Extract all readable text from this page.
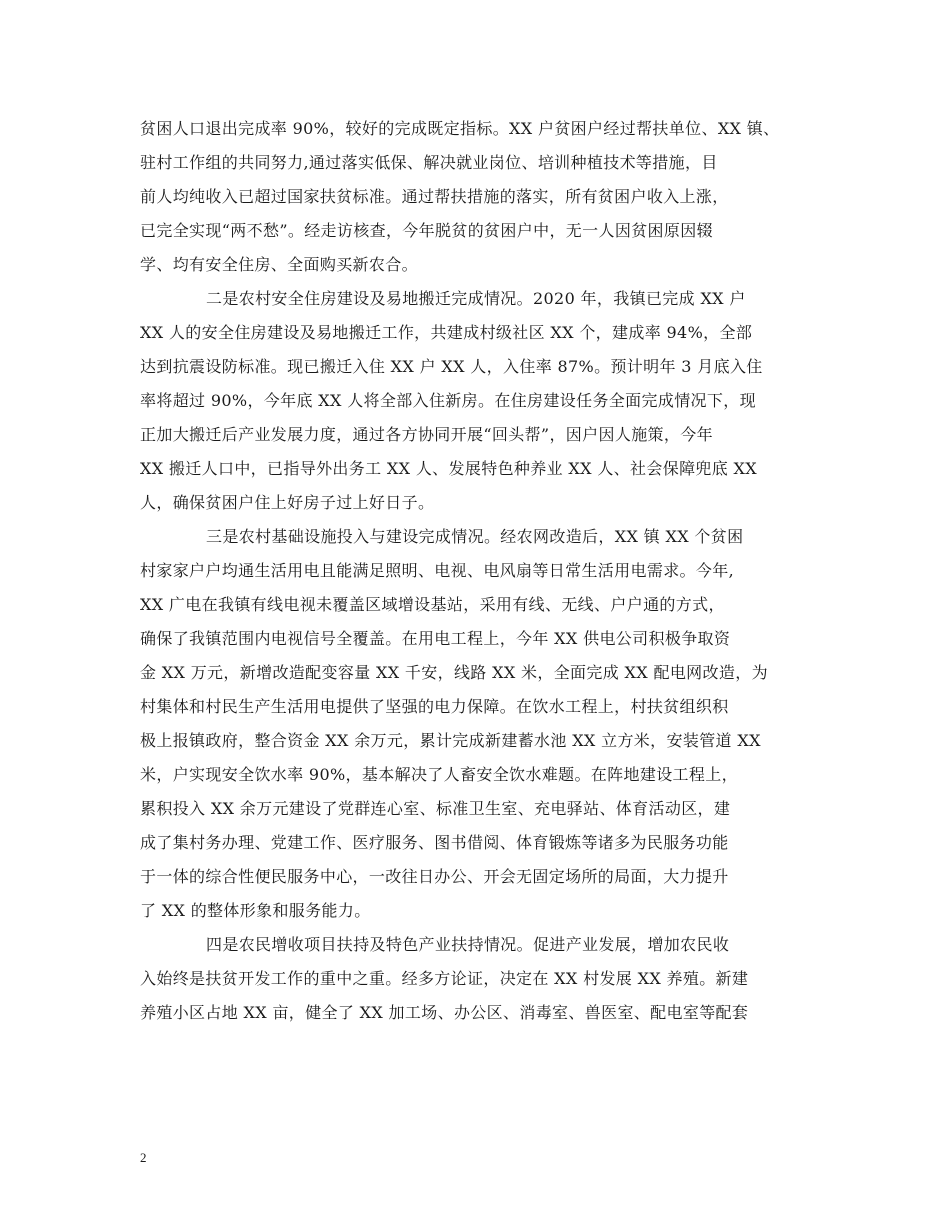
贫困人口退出完成率 90%，较好的完成既定指标。XX 户贫困户经过帮扶单位、XX 镇、
驻村工作组的共同努力,通过落实低保、解决就业岗位、培训种植技术等措施，目
前人均纯收入已超过国家扶贫标准。通过帮扶措施的落实，所有贫困户收入上涨，
已完全实现“两不愁”。经走访核查，今年脱贫的贫困户中，无一人因贫困原因辍
学、均有安全住房、全面购买新农合。
二是农村安全住房建设及易地搬迁完成情况。2020 年，我镇已完成 XX 户
XX 人的安全住房建设及易地搬迁工作，共建成村级社区 XX 个，建成率 94%，全部
达到抗震设防标准。现已搬迁入住 XX 户 XX 人，入住率 87%。预计明年 3 月底入住
率将超过 90%，今年底 XX 人将全部入住新房。在住房建设任务全面完成情况下，现
正加大搬迁后产业发展力度，通过各方协同开展“回头帮”，因户因人施策，今年
XX 搬迁人口中，已指导外出务工 XX 人、发展特色种养业 XX 人、社会保障兜底 XX
人，确保贫困户住上好房子过上好日子。
三是农村基础设施投入与建设完成情况。经农网改造后，XX 镇 XX 个贫困
村家家户户均通生活用电且能满足照明、电视、电风扇等日常生活用电需求。今年,
XX 广电在我镇有线电视未覆盖区域增设基站，采用有线、无线、户户通的方式，
确保了我镇范围内电视信号全覆盖。在用电工程上，今年 XX 供电公司积极争取资
金 XX 万元，新增改造配变容量 XX 千安，线路 XX 米，全面完成 XX 配电网改造，为
村集体和村民生产生活用电提供了坚强的电力保障。在饮水工程上，村扶贫组织积
极上报镇政府，整合资金 XX 余万元，累计完成新建蓄水池 XX 立方米，安装管道 XX
米，户实现安全饮水率 90%，基本解决了人畜安全饮水难题。在阵地建设工程上，
累积投入 XX 余万元建设了党群连心室、标准卫生室、充电驿站、体育活动区，建
成了集村务办理、党建工作、医疗服务、图书借阅、体育锻炼等诸多为民服务功能
于一体的综合性便民服务中心，一改往日办公、开会无固定场所的局面，大力提升
了 XX 的整体形象和服务能力。
四是农民增收项目扶持及特色产业扶持情况。促进产业发展，增加农民收
入始终是扶贫开发工作的重中之重。经多方论证，决定在 XX 村发展 XX 养殖。新建
养殖小区占地 XX 亩，健全了 XX 加工场、办公区、消毒室、兽医室、配电室等配套
2
